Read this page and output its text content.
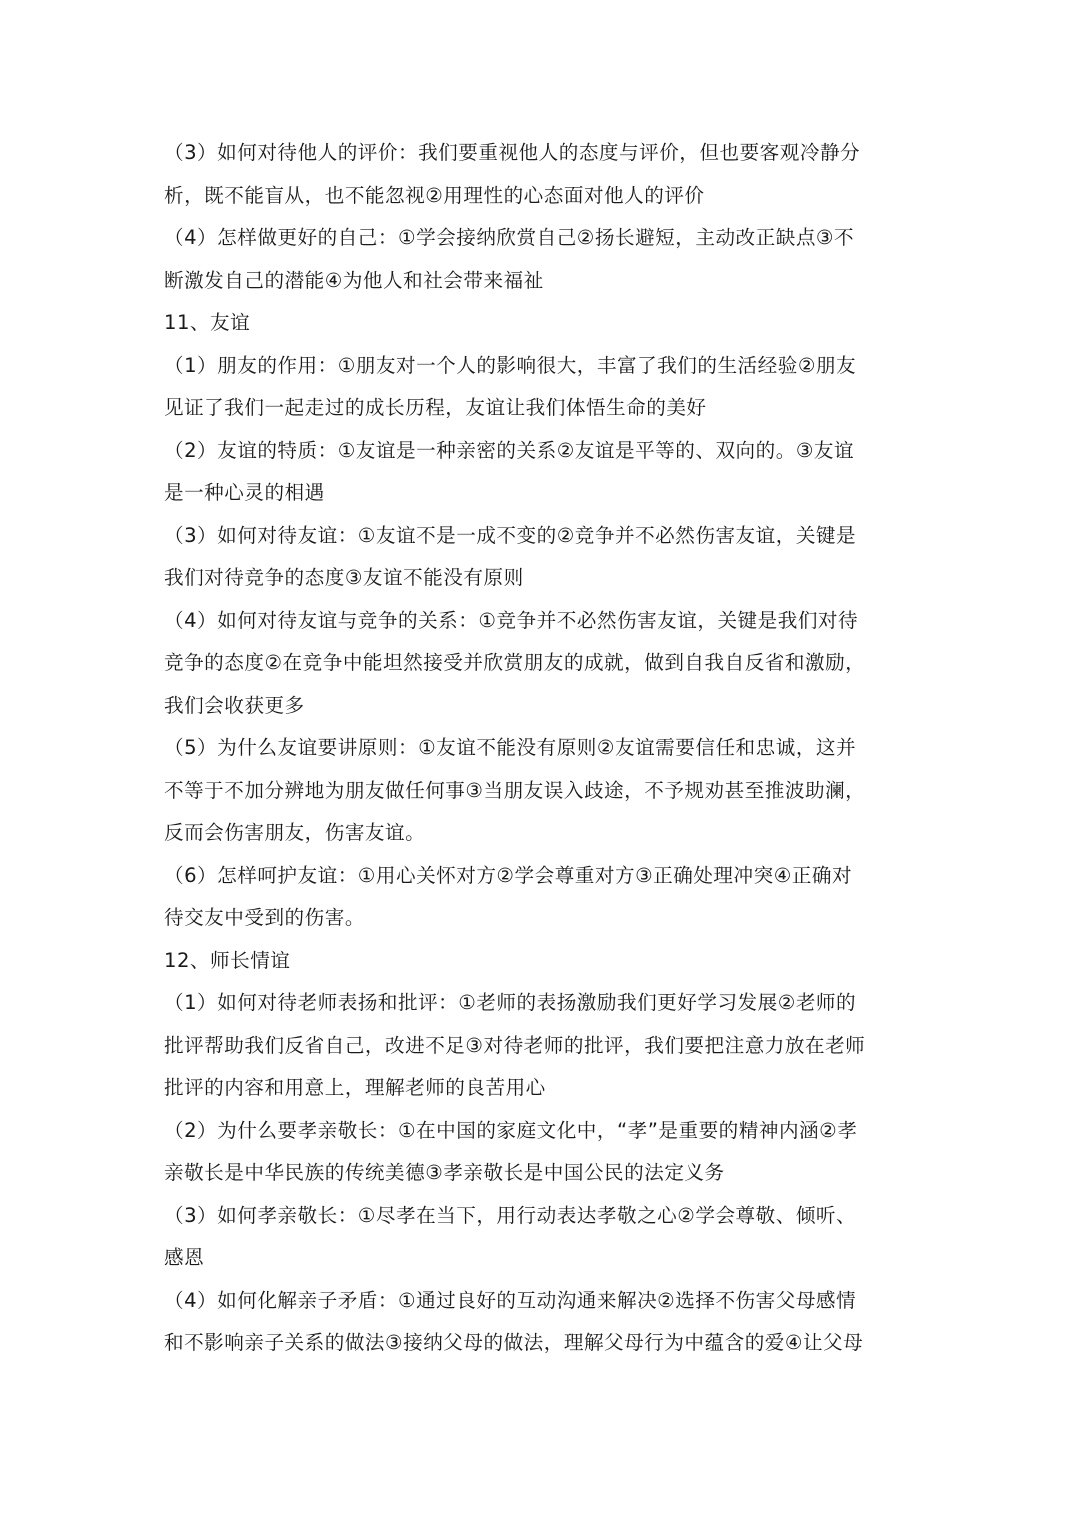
（3）如何对待他人的评价：我们要重视他人的态度与评价，但也要客观冷静分
析，既不能盲从，也不能忽视②用理性的心态面对他人的评价
（4）怎样做更好的自己：①学会接纳欣赏自己②扬长避短，主动改正缺点③不
断激发自己的潜能④为他人和社会带来福祉
11、友谊
（1）朋友的作用：①朋友对一个人的影响很大，丰富了我们的生活经验②朋友
见证了我们一起走过的成长历程，友谊让我们体悟生命的美好
（2）友谊的特质：①友谊是一种亲密的关系②友谊是平等的、双向的。③友谊
是一种心灵的相遇
（3）如何对待友谊：①友谊不是一成不变的②竞争并不必然伤害友谊，关键是
我们对待竞争的态度③友谊不能没有原则
（4）如何对待友谊与竞争的关系：①竞争并不必然伤害友谊，关键是我们对待
竞争的态度②在竞争中能坦然接受并欣赏朋友的成就，做到自我自反省和激励，
我们会收获更多
（5）为什么友谊要讲原则：①友谊不能没有原则②友谊需要信任和忠诚，这并
不等于不加分辨地为朋友做任何事③当朋友误入歧途，不予规劝甚至推波助澜，
反而会伤害朋友，伤害友谊。
（6）怎样呵护友谊：①用心关怀对方②学会尊重对方③正确处理冲突④正确对
待交友中受到的伤害。
12、师长情谊
（1）如何对待老师表扬和批评：①老师的表扬激励我们更好学习发展②老师的
批评帮助我们反省自己，改进不足③对待老师的批评，我们要把注意力放在老师
批评的内容和用意上，理解老师的良苦用心
（2）为什么要孝亲敬长：①在中国的家庭文化中，“孝”是重要的精神内涵②孝
亲敬长是中华民族的传统美德③孝亲敬长是中国公民的法定义务
（3）如何孝亲敬长：①尽孝在当下，用行动表达孝敬之心②学会尊敬、倾听、
感恩
（4）如何化解亲子矛盾：①通过良好的互动沟通来解决②选择不伤害父母感情
和不影响亲子关系的做法③接纳父母的做法，理解父母行为中蕴含的爱④让父母
